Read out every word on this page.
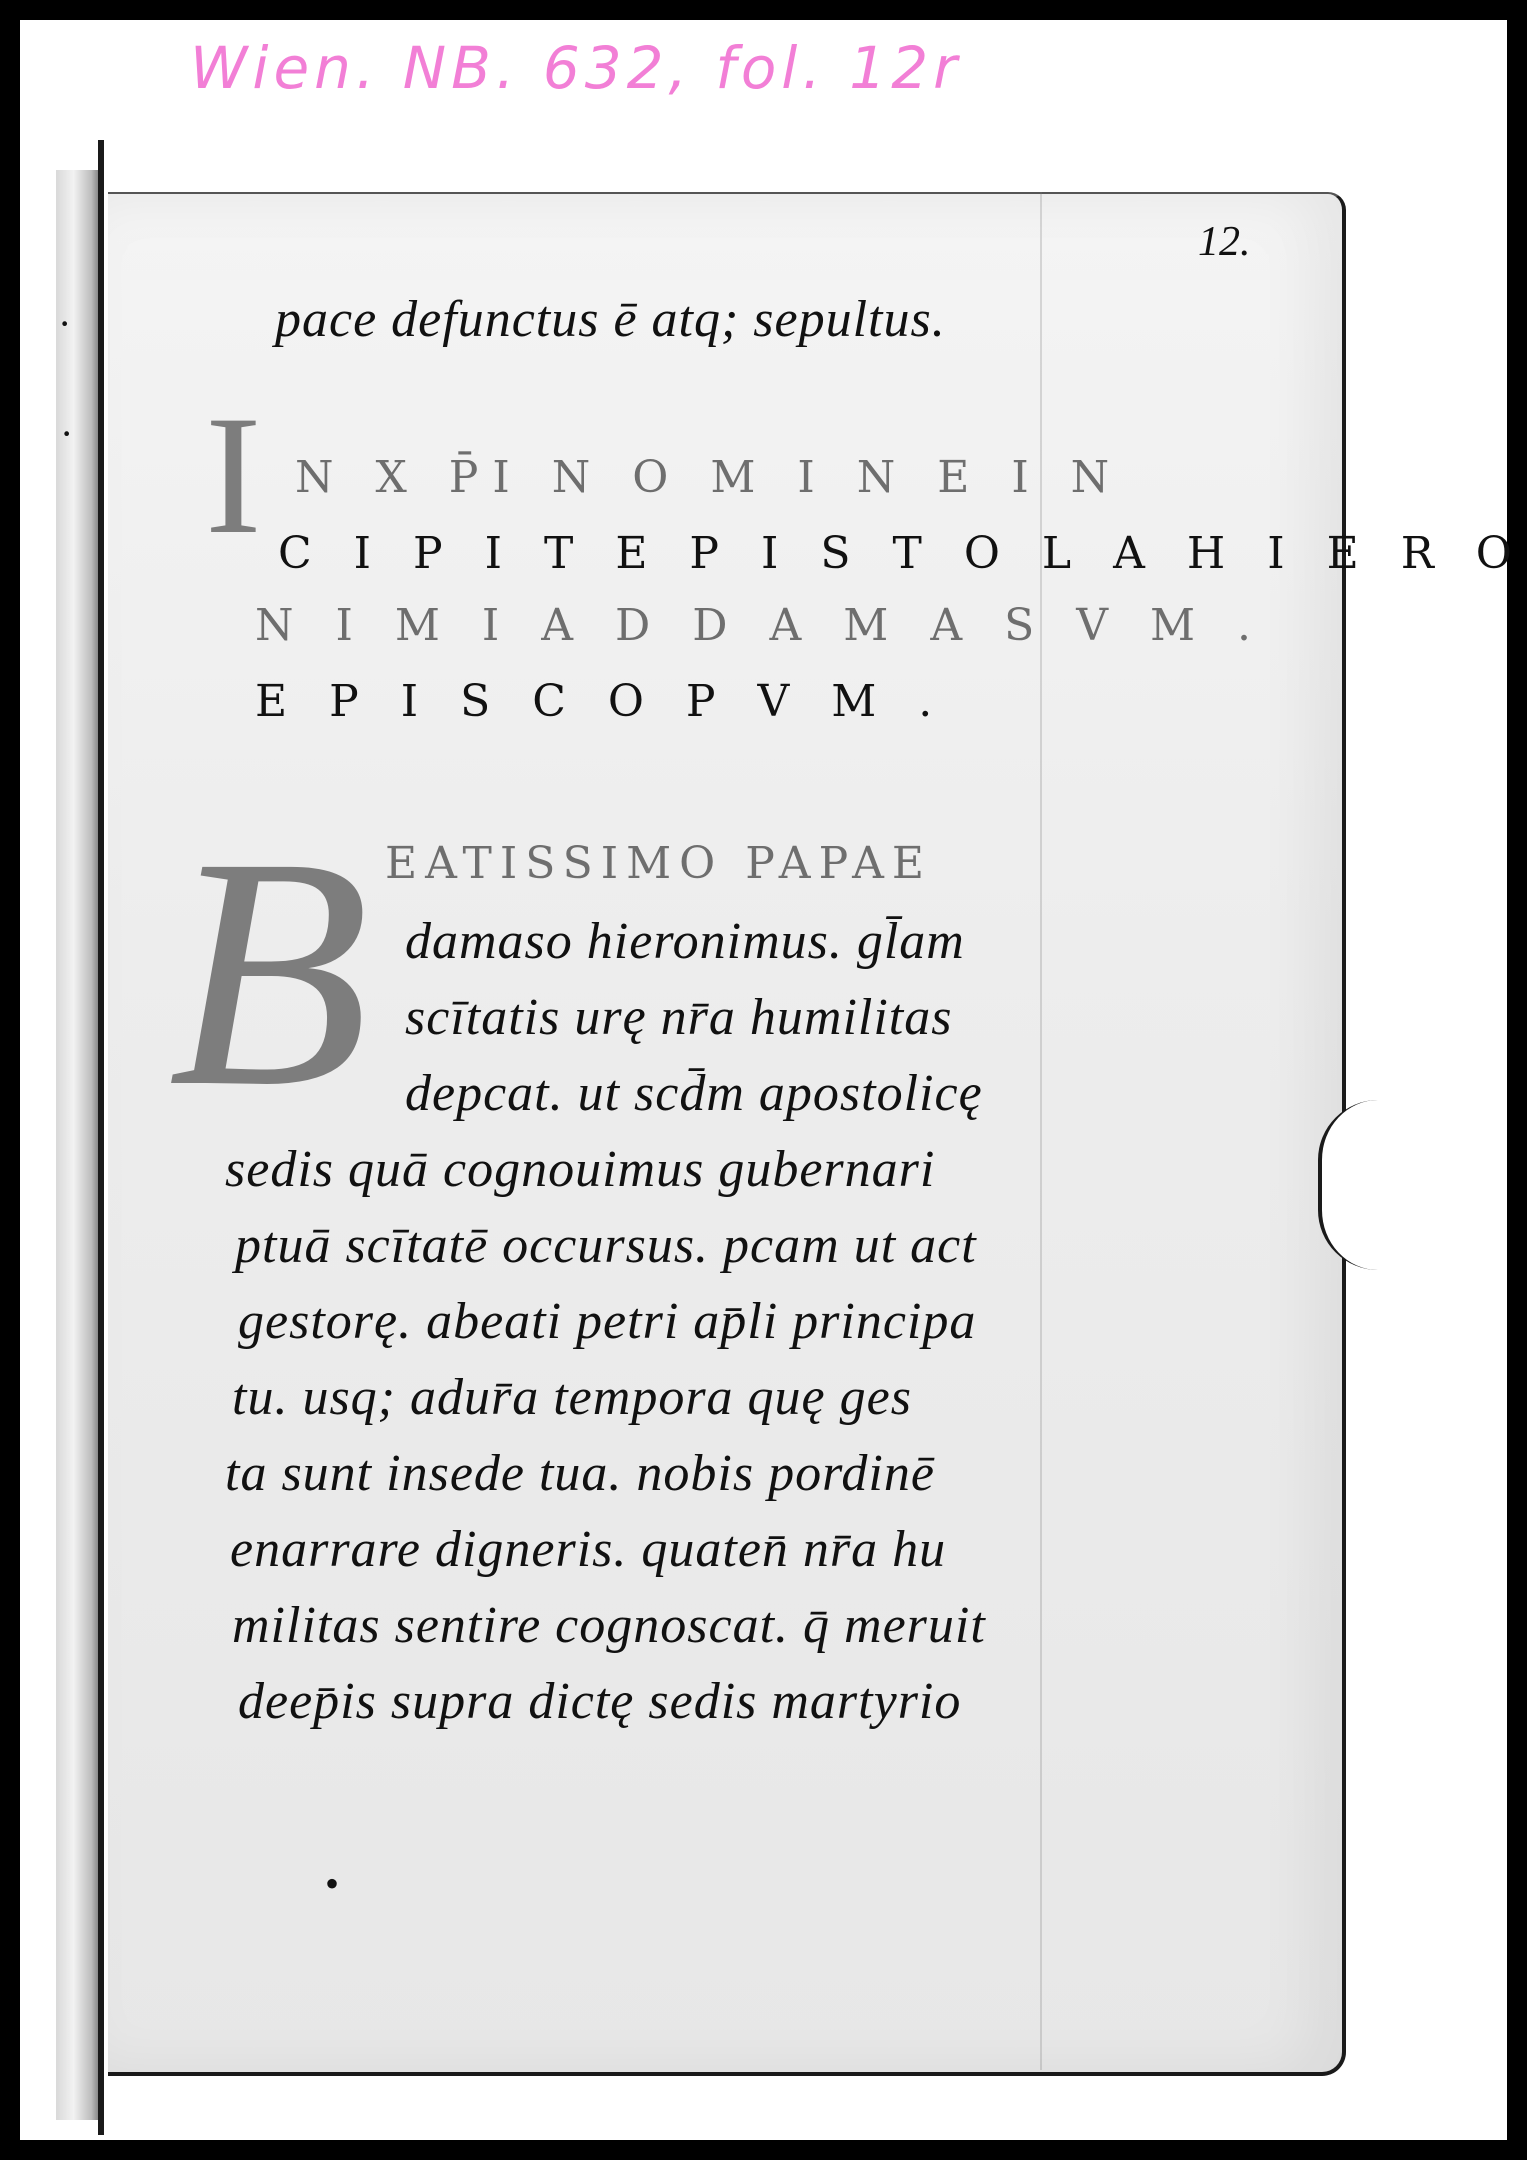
Wien. NB. 632, fol. 12r
·
·
12.
pace defunctus ē atq; sepultus.
I N X P̄I N O M I N E I N
C I P I T E P I S T O L A H I E R O
N I M I A D D A M A S V M .
E P I S C O P V M .
B EATISSIMO PAPAE
damaso hieronimus. gl̄am
scītatis urę nr̄a humilitas
depcat. ut scd̄m apostolicę
sedis quā cognouimus gubernari
ptuā scītatē occursus. pcam ut act
gestorę. abeati petri ap̄li principa
tu. usq; adur̄a tempora quę ges
ta sunt insede tua. nobis pordinē
enarrare digneris. quaten̄ nr̄a hu
militas sentire cognoscat. q̄ meruit
deep̄is supra dictę sedis martyrio
•
